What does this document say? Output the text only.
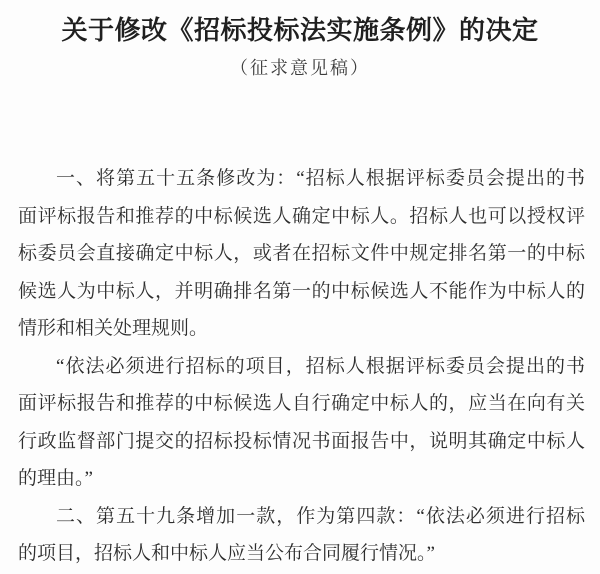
关于修改《招标投标法实施条例》的决定
（征求意见稿）
一、将第五十五条修改为：“招标人根据评标委员会提出的书
面评标报告和推荐的中标候选人确定中标人。招标人也可以授权评
标委员会直接确定中标人，或者在招标文件中规定排名第一的中标
候选人为中标人，并明确排名第一的中标候选人不能作为中标人的
情形和相关处理规则。
“依法必须进行招标的项目，招标人根据评标委员会提出的书
面评标报告和推荐的中标候选人自行确定中标人的，应当在向有关
行政监督部门提交的招标投标情况书面报告中，说明其确定中标人
的理由。”
二、第五十九条增加一款，作为第四款：“依法必须进行招标
的项目，招标人和中标人应当公布合同履行情况。”
